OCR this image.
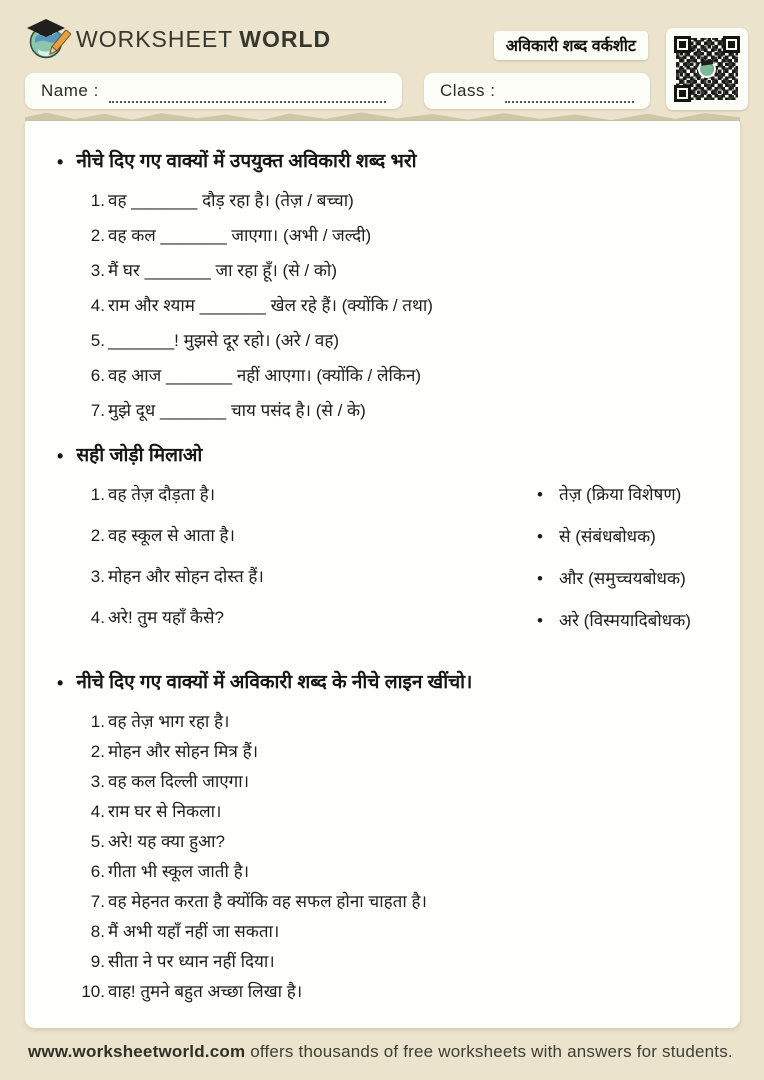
WORKSHEET WORLD	अविकारी शब्द वर्कशीट
Name :	Class :
• नीचे दिए गए वाक्यों में उपयुक्त अविकारी शब्द भरो
वह _______ दौड़ रहा है। (तेज़ / बच्चा)
वह कल _______ जाएगा। (अभी / जल्दी)
मैं घर _______ जा रहा हूँ। (से / को)
राम और श्याम _______ खेल रहे हैं। (क्योंकि / तथा)
_______! मुझसे दूर रहो। (अरे / वह)
वह आज _______ नहीं आएगा। (क्योंकि / लेकिन)
मुझे दूध _______ चाय पसंद है। (से / के)
• सही जोड़ी मिलाओ
वह तेज़ दौड़ता है।
वह स्कूल से आता है।
मोहन और सोहन दोस्त हैं।
अरे! तुम यहाँ कैसे?
• तेज़ (क्रिया विशेषण)
• से (संबंधबोधक)
• और (समुच्चयबोधक)
• अरे (विस्मयादिबोधक)
• नीचे दिए गए वाक्यों में अविकारी शब्द के नीचे लाइन खींचो।
वह तेज़ भाग रहा है।
मोहन और सोहन मित्र हैं।
वह कल दिल्ली जाएगा।
राम घर से निकला।
अरे! यह क्या हुआ?
गीता भी स्कूल जाती है।
वह मेहनत करता है क्योंकि वह सफल होना चाहता है।
मैं अभी यहाँ नहीं जा सकता।
सीता ने पर ध्यान नहीं दिया।
वाह! तुमने बहुत अच्छा लिखा है।
www.worksheetworld.com offers thousands of free worksheets with answers for students.
